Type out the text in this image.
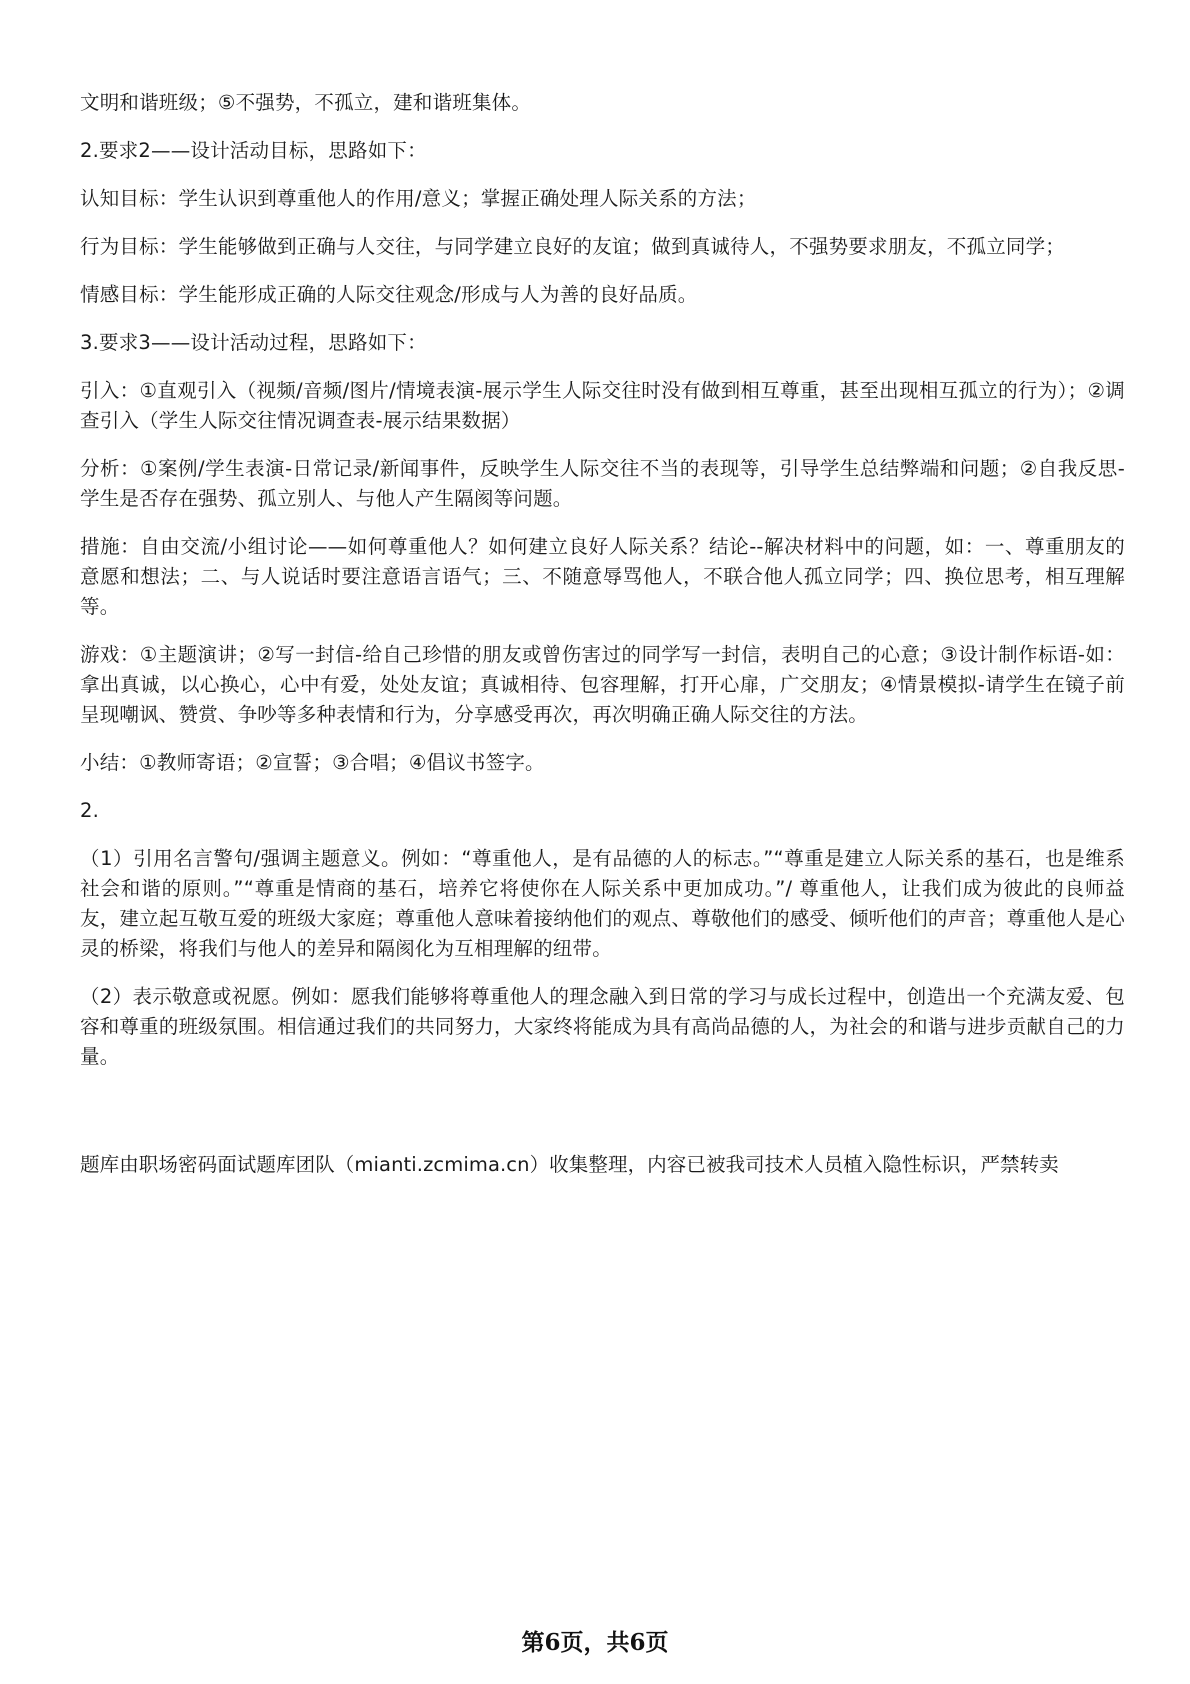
文明和谐班级；⑤不强势，不孤立，建和谐班集体。

2.要求2——设计活动目标，思路如下：

认知目标：学生认识到尊重他人的作用/意义；掌握正确处理人际关系的方法；

行为目标：学生能够做到正确与人交往，与同学建立良好的友谊；做到真诚待人，不强势要求朋友，不孤立同学；

情感目标：学生能形成正确的人际交往观念/形成与人为善的良好品质。

3.要求3——设计活动过程，思路如下：

引入：①直观引入（视频/音频/图片/情境表演-展示学生人际交往时没有做到相互尊重，甚至出现相互孤立的行为）；②调查引入（学生人际交往情况调查表-展示结果数据）

分析：①案例/学生表演-日常记录/新闻事件，反映学生人际交往不当的表现等，引导学生总结弊端和问题；②自我反思-学生是否存在强势、孤立别人、与他人产生隔阂等问题。

措施：自由交流/小组讨论——如何尊重他人？如何建立良好人际关系？结论--解决材料中的问题，如：一、尊重朋友的意愿和想法；二、与人说话时要注意语言语气；三、不随意辱骂他人，不联合他人孤立同学；四、换位思考，相互理解等。

游戏：①主题演讲；②写一封信-给自己珍惜的朋友或曾伤害过的同学写一封信，表明自己的心意；③设计制作标语-如：拿出真诚，以心换心，心中有爱，处处友谊；真诚相待、包容理解，打开心扉，广交朋友；④情景模拟-请学生在镜子前呈现嘲讽、赞赏、争吵等多种表情和行为，分享感受再次，再次明确正确人际交往的方法。

小结：①教师寄语；②宣誓；③合唱；④倡议书签字。

2.

（1）引用名言警句/强调主题意义。例如：“尊重他人，是有品德的人的标志。”“尊重是建立人际关系的基石，也是维系社会和谐的原则。”“尊重是情商的基石，培养它将使你在人际关系中更加成功。”/ 尊重他人，让我们成为彼此的良师益友，建立起互敬互爱的班级大家庭；尊重他人意味着接纳他们的观点、尊敬他们的感受、倾听他们的声音；尊重他人是心灵的桥梁，将我们与他人的差异和隔阂化为互相理解的纽带。

（2）表示敬意或祝愿。例如：愿我们能够将尊重他人的理念融入到日常的学习与成长过程中，创造出一个充满友爱、包容和尊重的班级氛围。相信通过我们的共同努力，大家终将能成为具有高尚品德的人，为社会的和谐与进步贡献自己的力量。

题库由职场密码面试题库团队（mianti.zcmima.cn）收集整理，内容已被我司技术人员植入隐性标识，严禁转卖
第6页，共6页
